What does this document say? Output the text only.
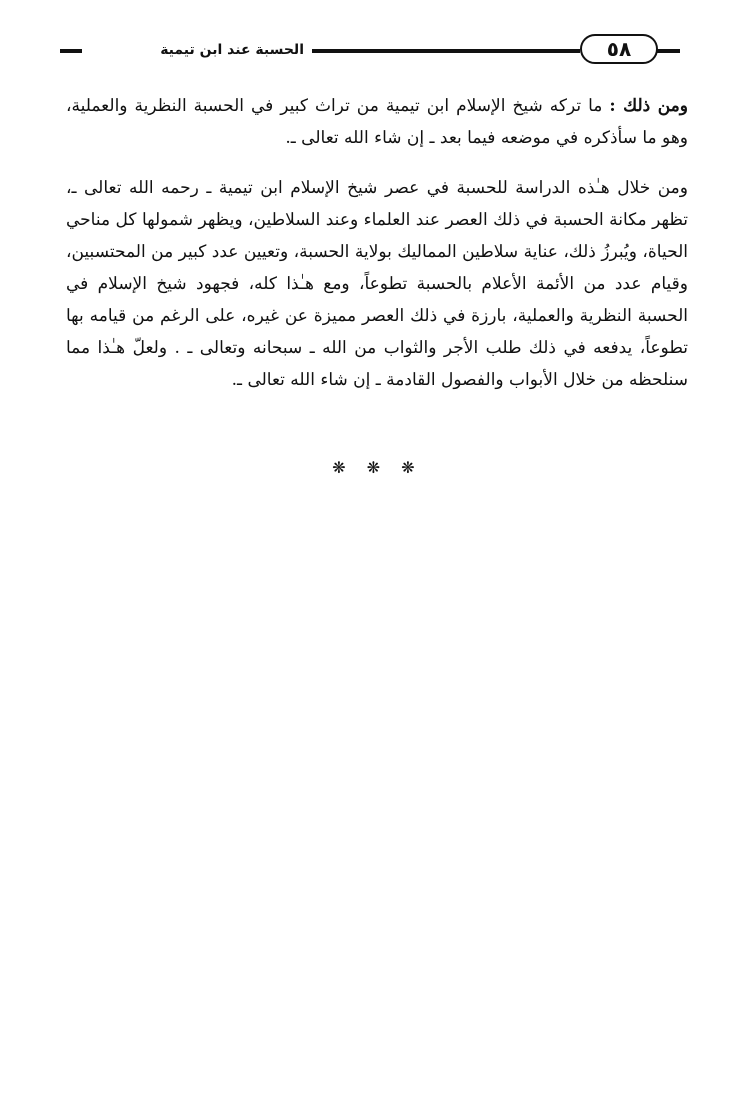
٥٨
الحسبة عند ابن تيمية

ومن ذلك : ما تركه شيخ الإسلام ابن تيمية من تراث كبير في الحسبة النظرية والعملية، وهو ما سأذكره في موضعه فيما بعد ـ إن شاء الله تعالى ـ.

ومن خلال هـٰذه الدراسة للحسبة في عصر شيخ الإسلام ابن تيمية ـ رحمه الله تعالى ـ، تظهر مكانة الحسبة في ذلك العصر عند العلماء وعند السلاطين، ويظهر شمولها كل مناحي الحياة، ويُبرزُ ذلك، عناية سلاطين المماليك بولاية الحسبة، وتعيين عدد كبير من المحتسبين، وقيام عدد من الأئمة الأعلام بالحسبة تطوعاً، ومع هـٰذا كله، فجهود شيخ الإسلام في الحسبة النظرية والعملية، بارزة في ذلك العصر مميزة عن غيره، على الرغم من قيامه بها تطوعاً، يدفعه في ذلك طلب الأجر والثواب من الله ـ سبحانه وتعالى ـ . ولعلّ هـٰذا مما سنلحظه من خلال الأبواب والفصول القادمة ـ إن شاء الله تعالى ـ.

❋ ❋ ❋
